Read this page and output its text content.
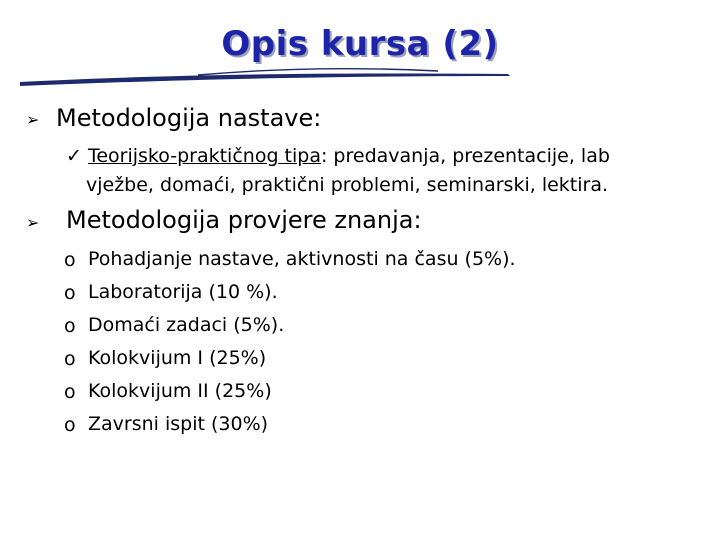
Opis kursa (2)
➢ Metodologija nastave:
✓ Teorijsko-praktičnog tipa: predavanja, prezentacije, lab
vježbe, domaći, praktični problemi, seminarski, lektira.
➢ Metodologija provjere znanja:
o Pohadjanje nastave, aktivnosti na času (5%).
o Laboratorija (10 %).
o Domaći zadaci (5%).
o Kolokvijum I (25%)
o Kolokvijum II (25%)
o Zavrsni ispit (30%)
